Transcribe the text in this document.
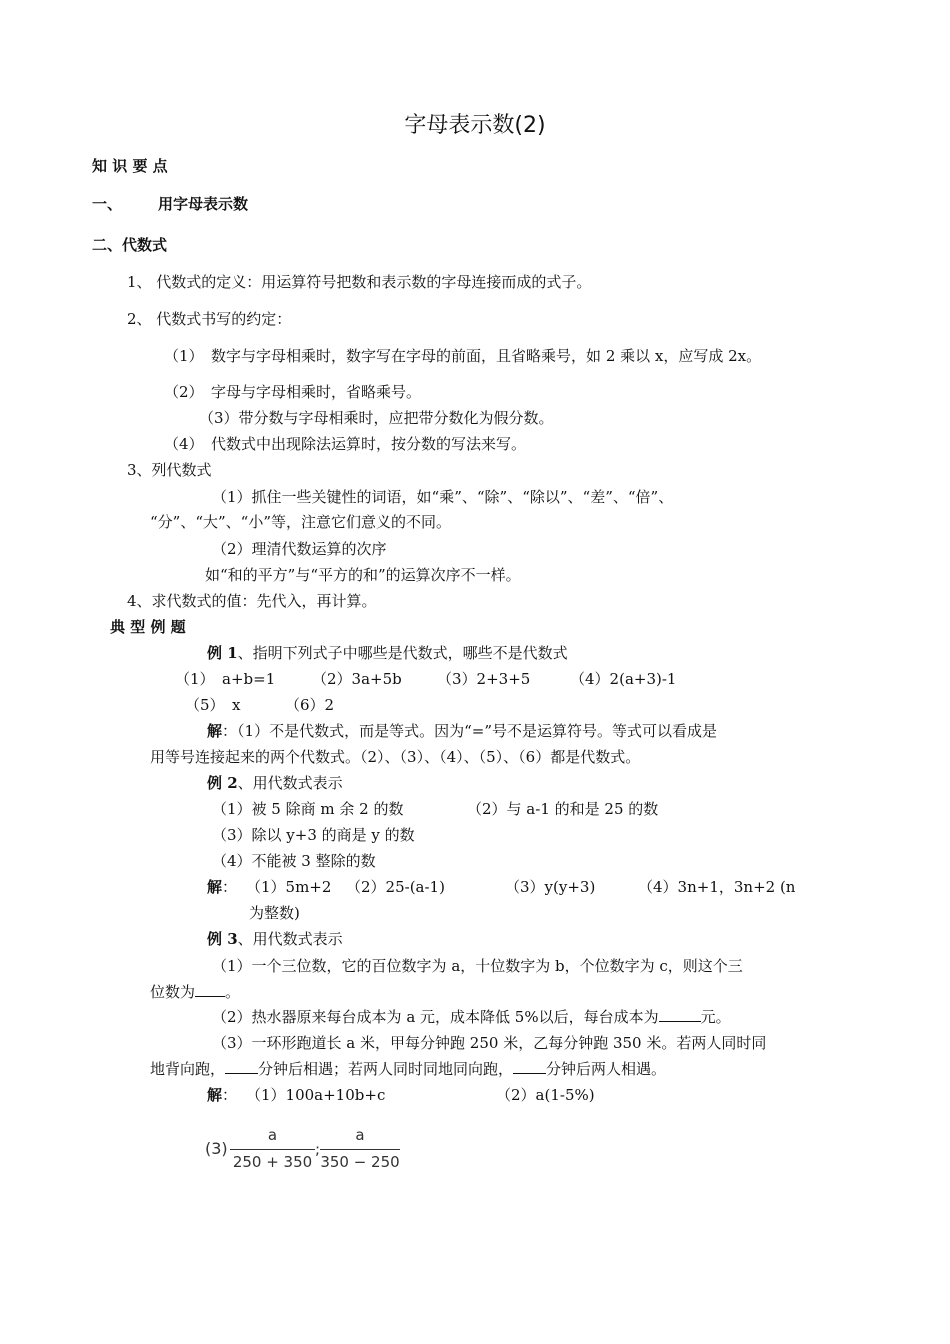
字母表示数(2)
知 识 要 点
一、 用字母表示数
二、代数式
1、 代数式的定义：用运算符号把数和表示数的字母连接而成的式子。
2、 代数式书写的约定：
（1）　数字与字母相乘时，数字写在字母的前面，且省略乘号，如 2 乘以 x，应写成 2x。
（2）　字母与字母相乘时，省略乘号。
（3）带分数与字母相乘时，应把带分数化为假分数。
（4）　代数式中出现除法运算时，按分数的写法来写。
3、列代数式
（1）抓住一些关键性的词语，如“乘”、“除”、“除以”、“差”、“倍”、
“分”、“大”、“小”等，注意它们意义的不同。
（2）理清代数运算的次序
如“和的平方”与“平方的和”的运算次序不一样。
4、求代数式的值：先代入，再计算。
典 型 例 题
例 1、指明下列式子中哪些是代数式，哪些不是代数式
（1）　a+b=1 （2）3a+5b （3）2+3+5	（4）2(a+3)-1
（5）　x	（6）2
解：（1）不是代数式，而是等式。因为“=”号不是运算符号。等式可以看成是
用等号连接起来的两个代数式。（2）、（3）、（4）、（5）、（6）都是代数式。
例 2、用代数式表示
（1）被 5 除商 m 余 2 的数	（2）与 a-1 的和是 25 的数
（3）除以 y+3 的商是 y 的数
（4）不能被 3 整除的数
解： （1）5m+2 （2）25-(a-1)	（3）y(y+3)	（4）3n+1，3n+2 (n
为整数)
例 3、用代数式表示
（1）一个三位数，它的百位数字为 a，十位数字为 b，个位数字为 c，则这个三
位数为 。
（2）热水器原来每台成本为 a 元，成本降低 5%以后，每台成本为	元。
（3）一环形跑道长 a 米，甲每分钟跑 250 米，乙每分钟跑 350 米。若两人同时同
地背向跑， 分钟后相遇；若两人同时同地同向跑， 分钟后两人相遇。
解： （1）100a+10b+c	（2）a(1-5%)
(3)
a
250 + 350
;
a
350 − 250
